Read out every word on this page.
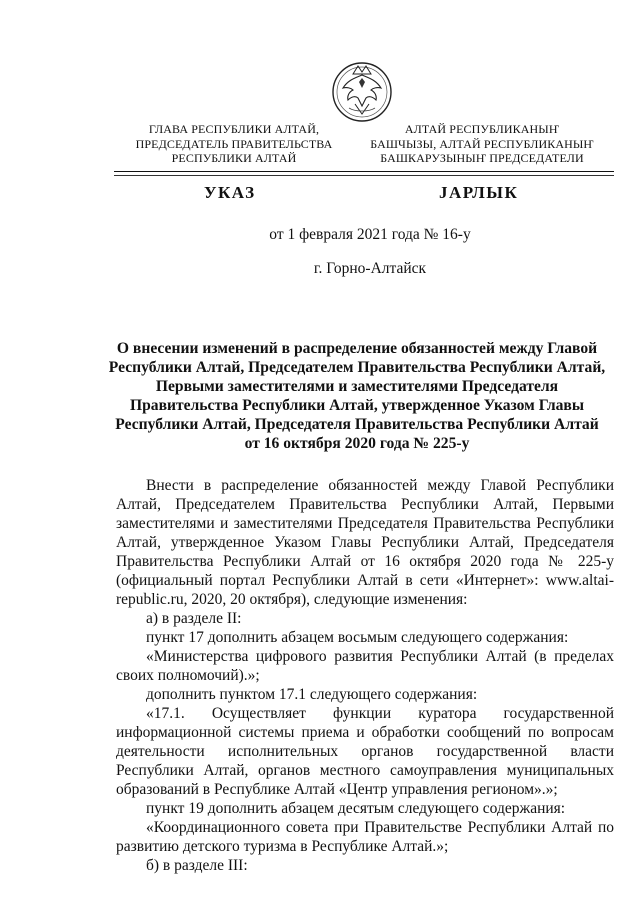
ГЛАВА РЕСПУБЛИКИ АЛТАЙ,
ПРЕДСЕДАТЕЛЬ ПРАВИТЕЛЬСТВА
РЕСПУБЛИКИ АЛТАЙ
АЛТАЙ РЕСПУБЛИКАНЫҤ
БАШЧЫЗЫ, АЛТАЙ РЕСПУБЛИКАНЫҤ
БАШКАРУЗЫНЫҤ ПРЕДСЕДАТЕЛИ
УКАЗ	ЈАРЛЫК
от 1 февраля 2021 года № 16-у
г. Горно-Алтайск
О внесении изменений в распределение обязанностей между Главой
Республики Алтай, Председателем Правительства Республики Алтай,
Первыми заместителями и заместителями Председателя
Правительства Республики Алтай, утвержденное Указом Главы
Республики Алтай, Председателя Правительства Республики Алтай
от 16 октября 2020 года № 225-у
Внести в распределение обязанностей между Главой Республики
Алтай, Председателем Правительства Республики Алтай, Первыми
заместителями и заместителями Председателя Правительства Республики
Алтай, утвержденное Указом Главы Республики Алтай, Председателя
Правительства Республики Алтай от 16 октября 2020 года № 225-у
(официальный портал Республики Алтай в сети «Интернет»: www.altai-
republic.ru, 2020, 20 октября), следующие изменения:
а) в разделе II:
пункт 17 дополнить абзацем восьмым следующего содержания:
«Министерства цифрового развития Республики Алтай (в пределах
своих полномочий).»;
дополнить пунктом 17.1 следующего содержания:
«17.1. Осуществляет функции куратора государственной
информационной системы приема и обработки сообщений по вопросам
деятельности исполнительных органов государственной власти
Республики Алтай, органов местного самоуправления муниципальных
образований в Республике Алтай «Центр управления регионом».»;
пункт 19 дополнить абзацем десятым следующего содержания:
«Координационного совета при Правительстве Республики Алтай по
развитию детского туризма в Республике Алтай.»;
б) в разделе III:
